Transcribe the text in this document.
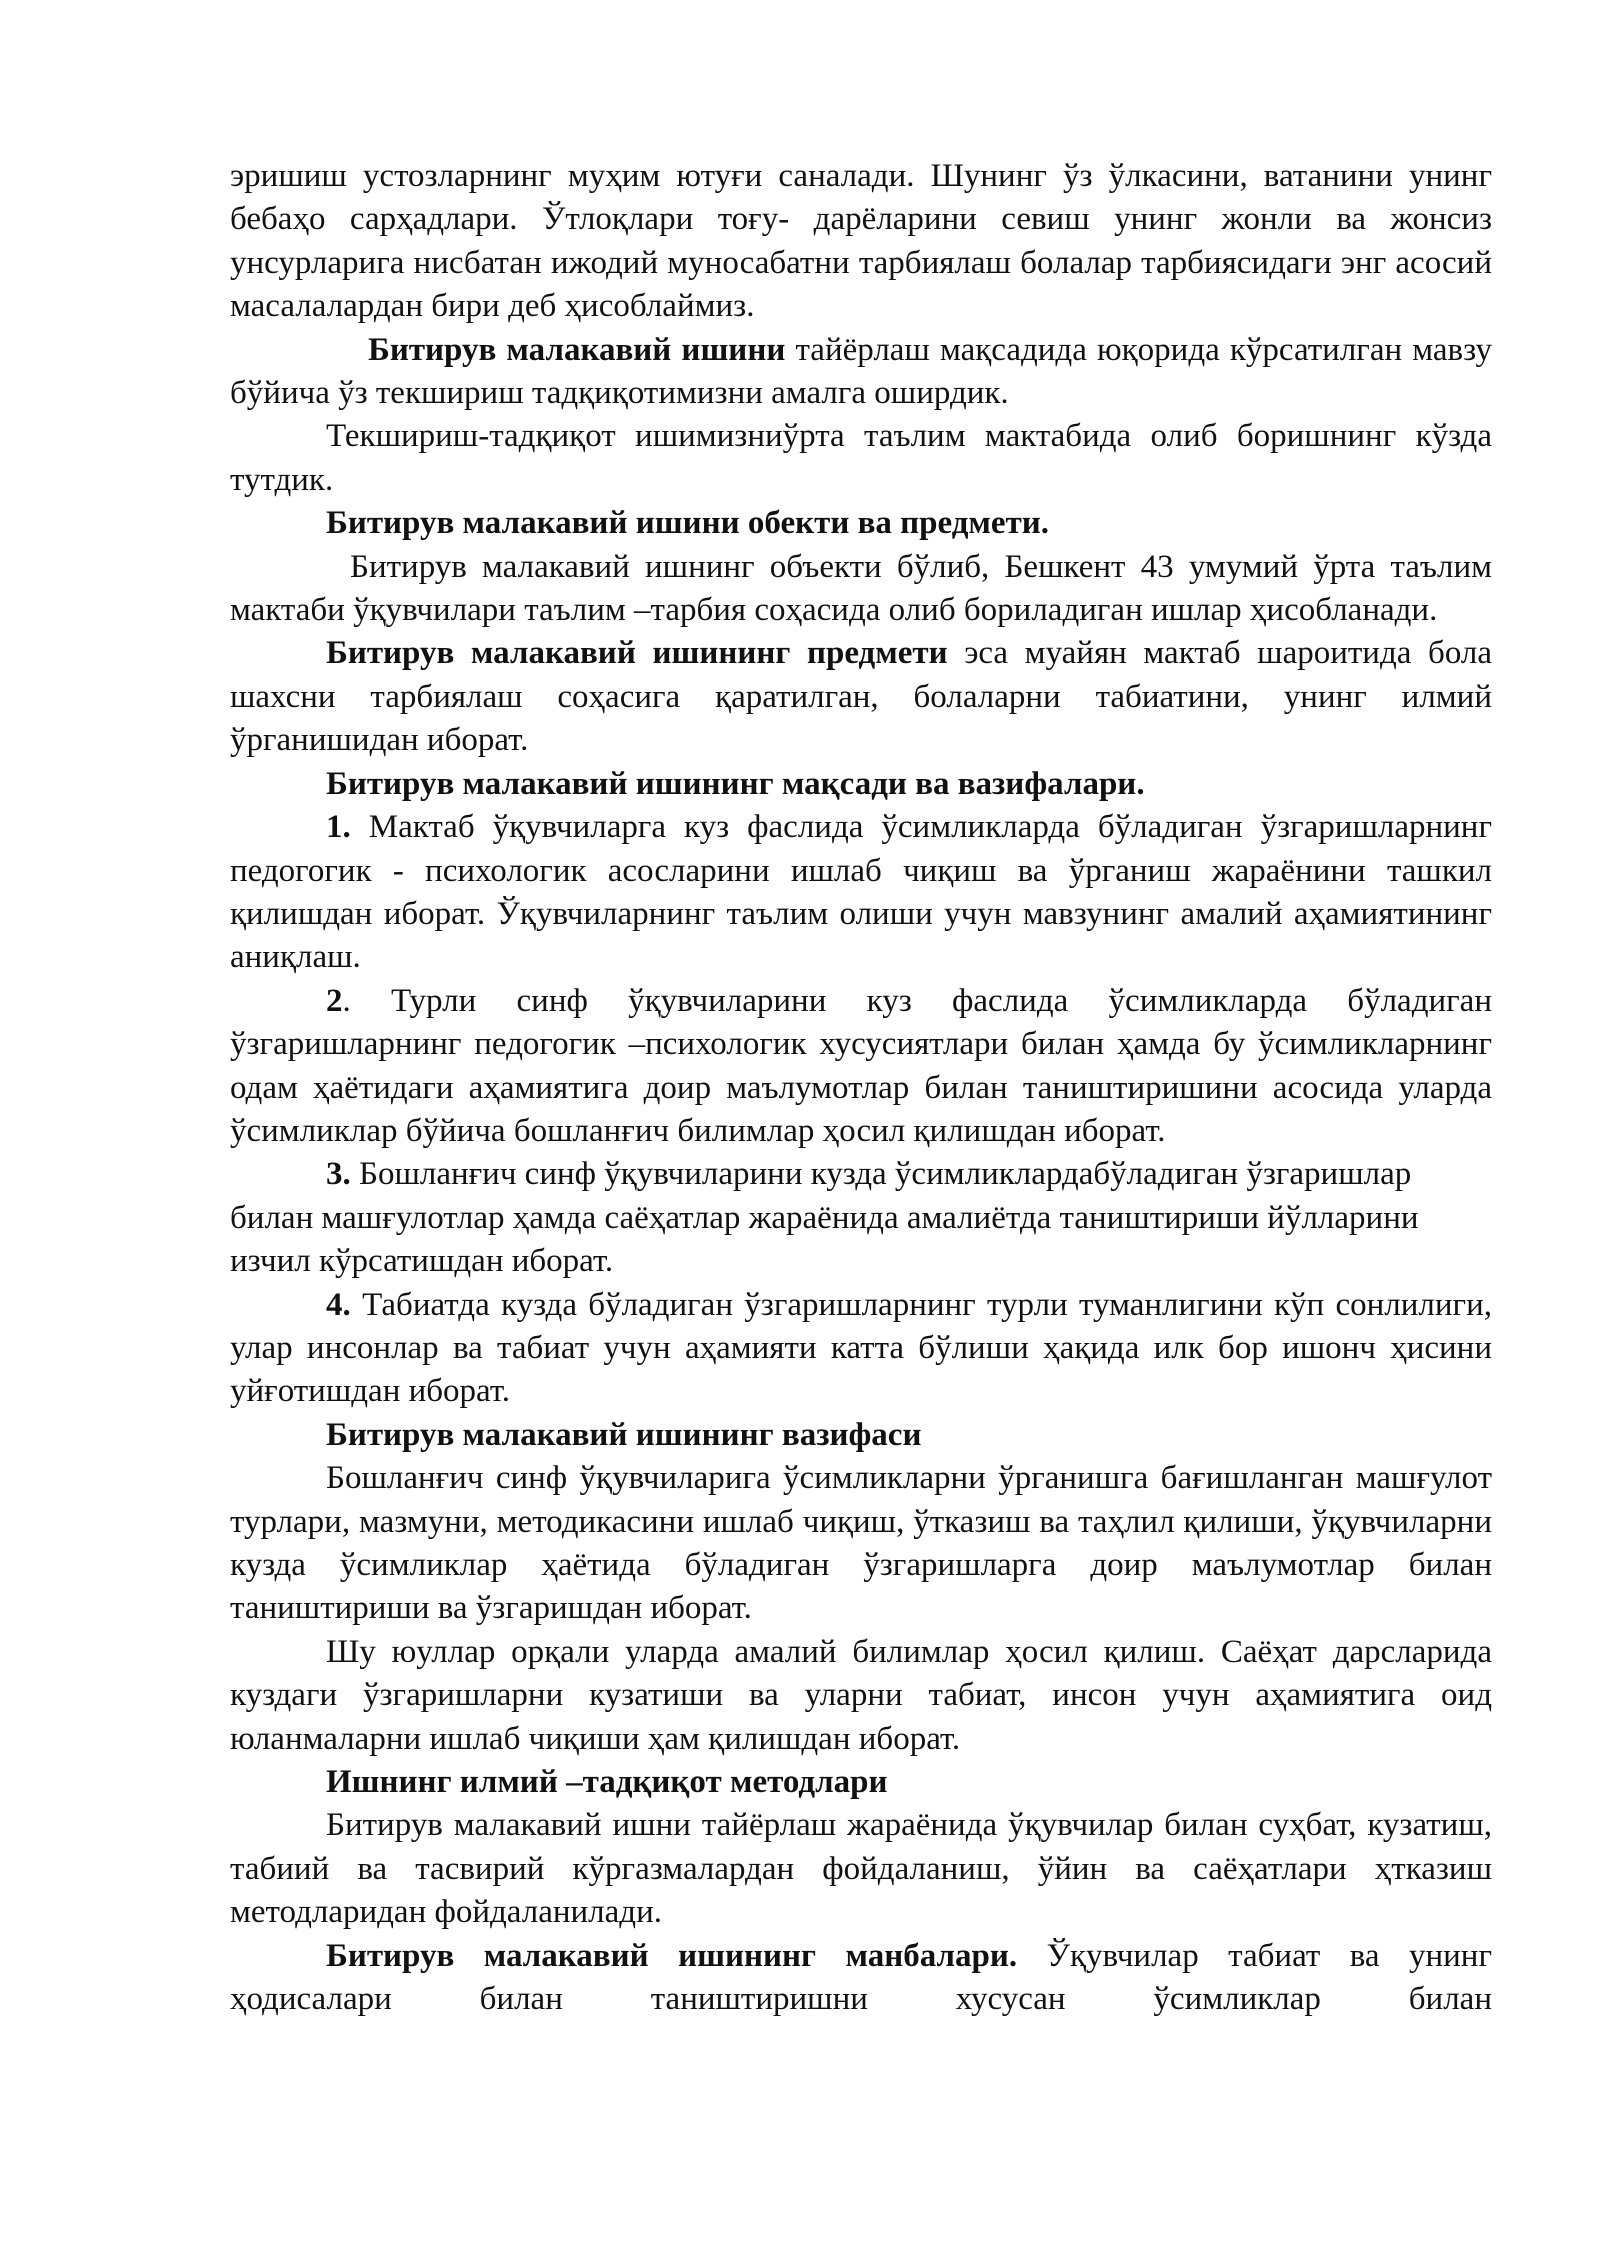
эришиш устозларнинг муҳим ютуғи саналади. Шунинг ўз ўлкасини, ватанини унинг бебаҳо сарҳадлари. Ўтлоқлари тоғу- дарёларини севиш унинг жонли ва жонсиз унсурларига нисбатан ижодий муносабатни тарбиялаш болалар тарбиясидаги энг асосий масалалардан бири деб ҳисоблаймиз.

Битирув малакавий ишини тайёрлаш мақсадида юқорида кўрсатилган мавзу бўйича ўз текшириш тадқиқотимизни амалга оширдик.

Текшириш-тадқиқот ишимизниўрта таълим мактабида олиб боришнинг кўзда тутдик.

Битирув малакавий ишини обекти ва предмети.

Битирув малакавий ишнинг объекти бўлиб, Бешкент 43 умумий ўрта таълим мактаби ўқувчилари таълим –тарбия соҳасида олиб бориладиган ишлар ҳисобланади.

Битирув малакавий ишининг предмети эса муайян мактаб шароитида бола шахсни тарбиялаш соҳасига қаратилган, болаларни табиатини, унинг илмий ўрганишидан иборат.

Битирув малакавий ишининг мақсади ва вазифалари.

1. Мактаб ўқувчиларга куз фаслида ўсимликларда бўладиган ўзгаришларнинг педогогик - психологик асосларини ишлаб чиқиш ва ўрганиш жараёнини ташкил қилишдан иборат. Ўқувчиларнинг таълим олиши учун мавзунинг амалий аҳамиятининг аниқлаш.

2. Турли синф ўқувчиларини куз фаслида ўсимликларда бўладиган ўзгаришларнинг педогогик –психологик хусусиятлари билан ҳамда бу ўсимликларнинг одам ҳаётидаги аҳамиятига доир маълумотлар билан таништиришини асосида уларда ўсимликлар бўйича бошланғич билимлар ҳосил қилишдан иборат.

3. Бошланғич синф ўқувчиларини кузда ўсимликлардабўладиган ўзгаришлар билан машғулотлар ҳамда саёҳатлар жараёнида амалиётда таништириши йўлларини изчил кўрсатишдан иборат.

4. Табиатда кузда бўладиган ўзгаришларнинг турли туманлигини кўп сонлилиги, улар инсонлар ва табиат учун аҳамияти катта бўлиши ҳақида илк бор ишонч ҳисини уйғотишдан иборат.

Битирув малакавий ишининг вазифаси

Бошланғич синф ўқувчиларига ўсимликларни ўрганишга бағишланган машғулот турлари, мазмуни, методикасини ишлаб чиқиш, ўтказиш ва таҳлил қилиши, ўқувчиларни кузда ўсимликлар ҳаётида бўладиган ўзгаришларга доир маълумотлар билан таништириши ва ўзгаришдан иборат.

Шу юуллар орқали уларда амалий билимлар ҳосил қилиш. Саёҳат дарсларида куздаги ўзгаришларни кузатиши ва уларни табиат, инсон учун аҳамиятига оид юланмаларни ишлаб чиқиши ҳам қилишдан иборат.

Ишнинг илмий –тадқиқот методлари

Битирув малакавий ишни тайёрлаш жараёнида ўқувчилар билан суҳбат, кузатиш, табиий ва тасвирий кўргазмалардан фойдаланиш, ўйин ва саёҳатлари ҳтказиш методларидан фойдаланилади.

Битирув малакавий ишининг манбалари. Ўқувчилар табиат ва унинг ҳодисалари билан таништиришни хусусан ўсимликлар билан
